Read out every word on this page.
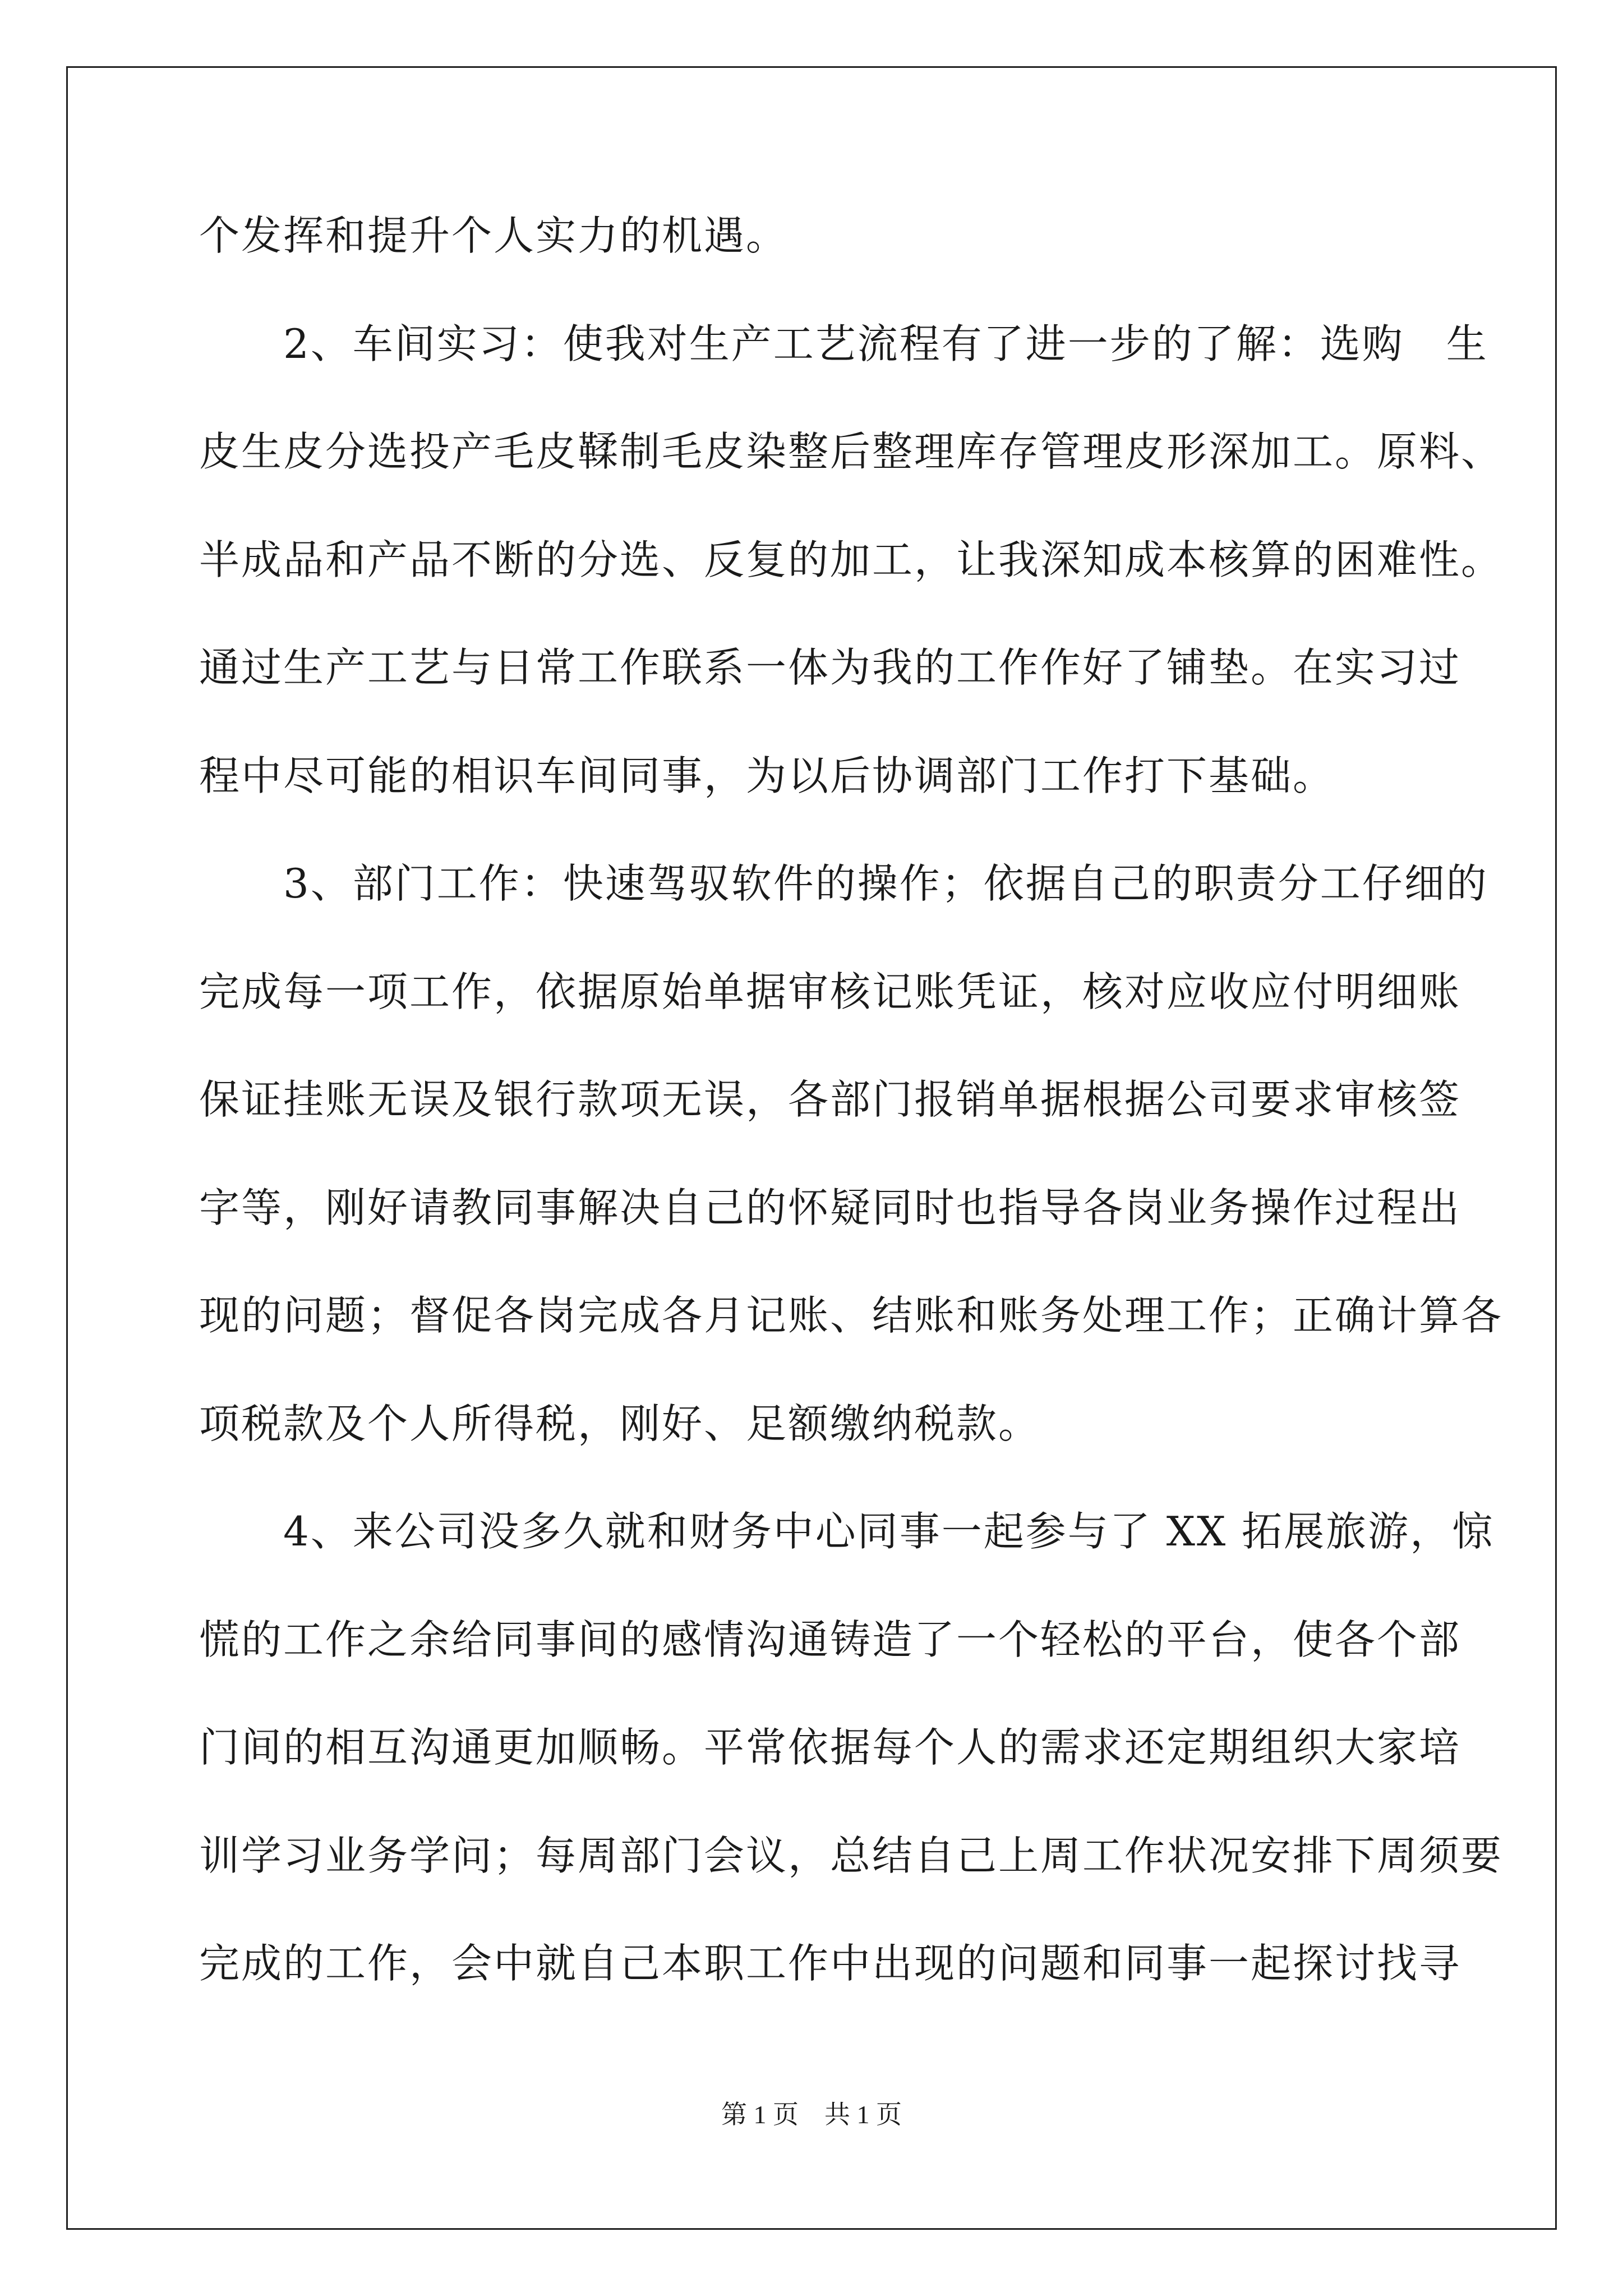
个发挥和提升个人实力的机遇。
　　2、车间实习：使我对生产工艺流程有了进一步的了解：选购　生
皮生皮分选投产毛皮鞣制毛皮染整后整理库存管理皮形深加工。原料、
半成品和产品不断的分选、反复的加工，让我深知成本核算的困难性。
通过生产工艺与日常工作联系一体为我的工作作好了铺垫。在实习过
程中尽可能的相识车间同事，为以后协调部门工作打下基础。
　　3、部门工作：快速驾驭软件的操作；依据自己的职责分工仔细的
完成每一项工作，依据原始单据审核记账凭证，核对应收应付明细账
保证挂账无误及银行款项无误，各部门报销单据根据公司要求审核签
字等，刚好请教同事解决自己的怀疑同时也指导各岗业务操作过程出
现的问题；督促各岗完成各月记账、结账和账务处理工作；正确计算各
项税款及个人所得税，刚好、足额缴纳税款。
　　4、来公司没多久就和财务中心同事一起参与了 XX 拓展旅游，惊
慌的工作之余给同事间的感情沟通铸造了一个轻松的平台，使各个部
门间的相互沟通更加顺畅。平常依据每个人的需求还定期组织大家培
训学习业务学问；每周部门会议，总结自己上周工作状况安排下周须要
完成的工作，会中就自己本职工作中出现的问题和同事一起探讨找寻
第 1 页 共 1 页
